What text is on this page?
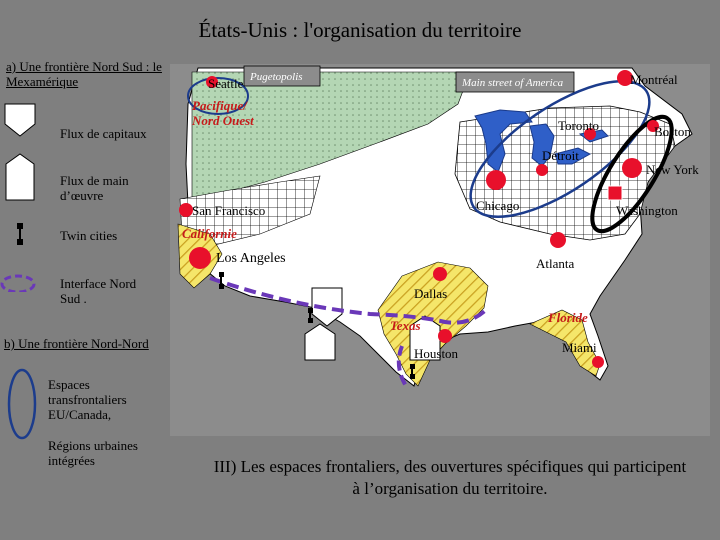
États-Unis : l'organisation du territoire
a) Une frontière Nord Sud : le Mexamérique
Flux de capitaux
Flux de main d’œuvre
Twin cities
Interface Nord Sud .
b) Une frontière Nord-Nord
Espaces transfrontaliers EU/Canada,
Régions urbaines intégrées
Pugetopolis	Main street of America
Seattle
Pacifique/ Nord Ouest
Montréal
Toronto	Boston
Détroit
New York
Chicago	Washington
San Francisco
Californie
Los Angeles	Atlanta
Dallas
Texas
Floride
Houston	Miami
III) Les espaces frontaliers, des ouvertures spécifiques qui participent à l’organisation du territoire.
